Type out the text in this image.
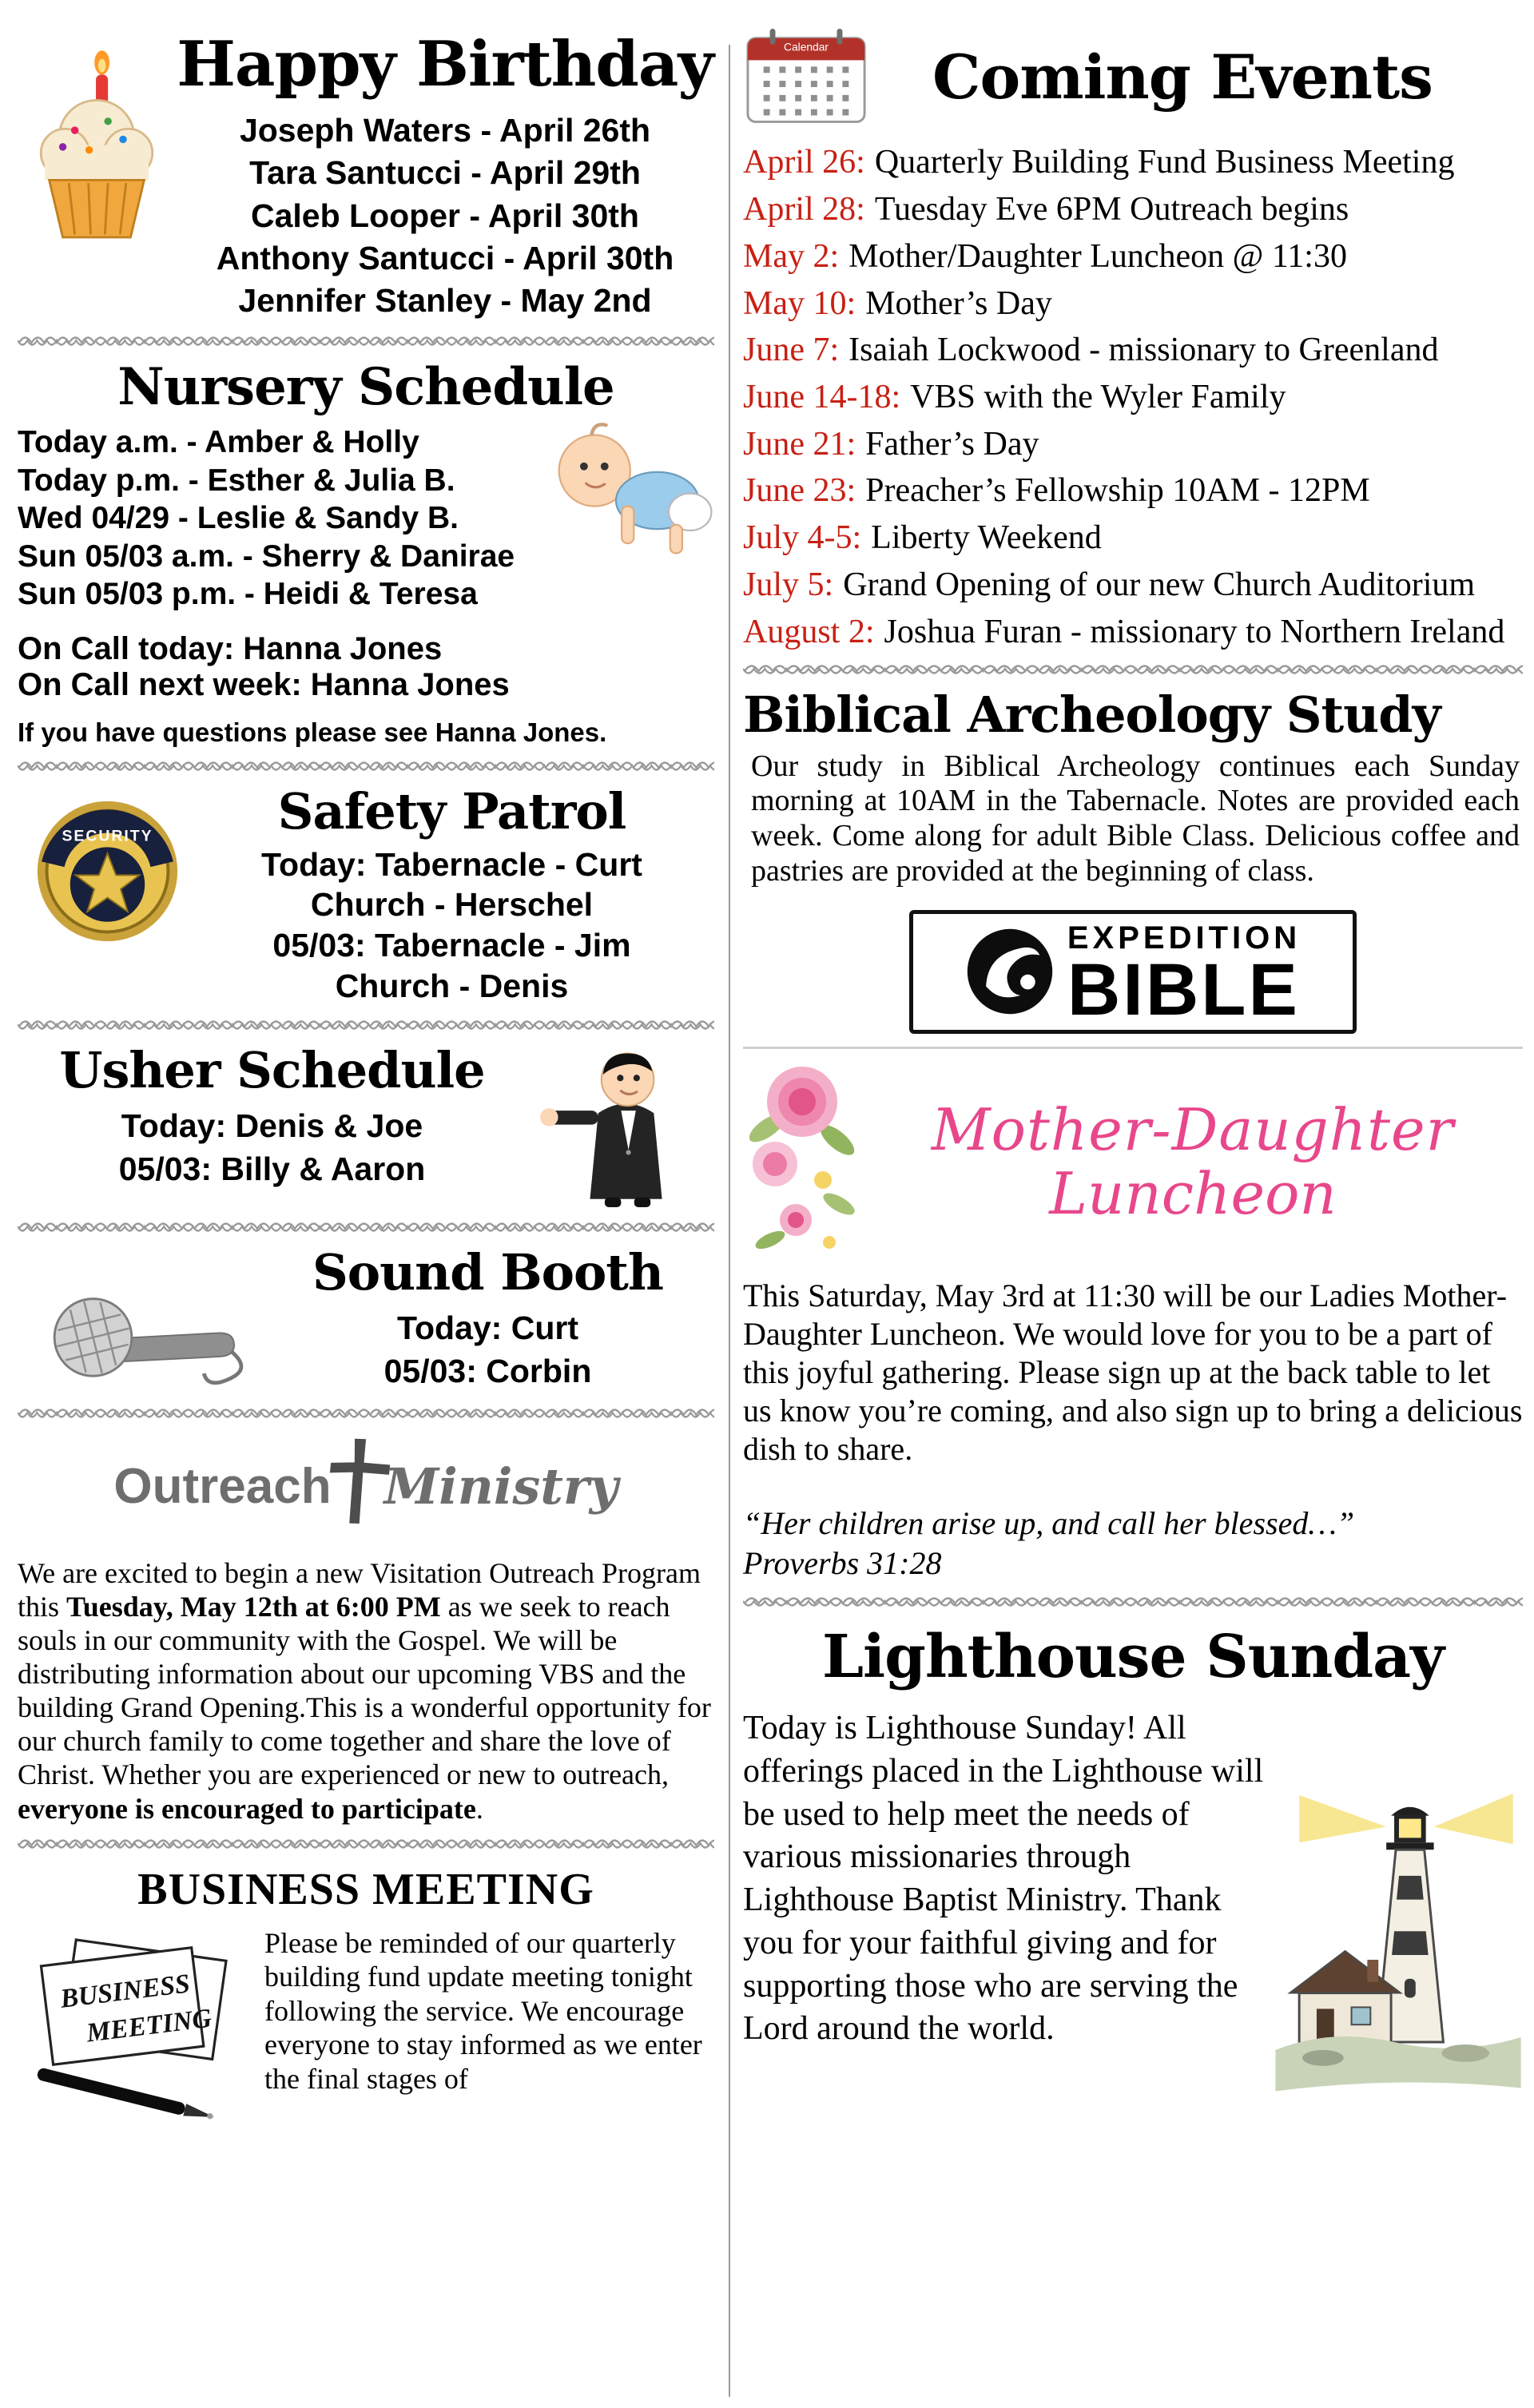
Happy Birthday
Joseph Waters - April 26th
Tara Santucci - April 29th
Caleb Looper - April 30th
Anthony Santucci - April 30th
Jennifer Stanley - May 2nd
Nursery Schedule
Today a.m. - Amber & Holly
Today p.m. - Esther & Julia B.
Wed 04/29 - Leslie & Sandy B.
Sun 05/03 a.m. - Sherry & Danirae
Sun 05/03 p.m. - Heidi & Teresa
On Call today: Hanna Jones
On Call next week: Hanna Jones
If you have questions please see Hanna Jones.
SECURITY	Safety Patrol
Today: Tabernacle - Curt
Church - Herschel
05/03: Tabernacle - Jim
Church - Denis
Usher Schedule
Today: Denis & Joe
05/03: Billy & Aaron
Sound Booth
Today: Curt
05/03: Corbin
Outreach Ministry

We are excited to begin a new Visitation Outreach Program this Tuesday, May 12th at 6:00 PM as we seek to reach souls in our community with the Gospel. We will be distributing information about our upcoming VBS and the building Grand Opening.This is a wonderful opportunity for our church family to come together and share the love of Christ. Whether you are experienced or new to outreach, everyone is encouraged to participate.

BUSINESS MEETING
BUSINESS
MEETING

Please be reminded of our quarterly building fund update meeting tonight following the service. We encourage everyone to stay informed as we enter the final stages of

Calendar	Coming Events
April 26: Quarterly Building Fund Business Meeting
April 28: Tuesday Eve 6PM Outreach begins
May 2: Mother/Daughter Luncheon @ 11:30
May 10: Mother’s Day
June 7: Isaiah Lockwood - missionary to Greenland
June 14-18: VBS with the Wyler Family
June 21: Father’s Day
June 23: Preacher’s Fellowship 10AM - 12PM
July 4-5: Liberty Weekend
July 5: Grand Opening of our new Church Auditorium
August 2: Joshua Furan - missionary to Northern Ireland
Biblical Archeology Study

Our study in Biblical Archeology continues each Sunday morning at 10AM in the Tabernacle. Notes are provided each week. Come along for adult Bible Class. Delicious coffee and pastries are provided at the beginning of class.

EXPEDITION
BIBLE
Mother-Daughter
Luncheon

This Saturday, May 3rd at 11:30 will be our Ladies Mother-Daughter Luncheon. We would love for you to be a part of this joyful gathering. Please sign up at the back table to let us know you’re coming, and also sign up to bring a delicious dish to share.

“Her children arise up, and call her blessed…”
Proverbs 31:28

Lighthouse Sunday

Today is Lighthouse Sunday! All offerings placed in the Lighthouse will be used to help meet the needs of various missionaries through Lighthouse Baptist Ministry. Thank you for your faithful giving and for supporting those who are serving the Lord around the world.
